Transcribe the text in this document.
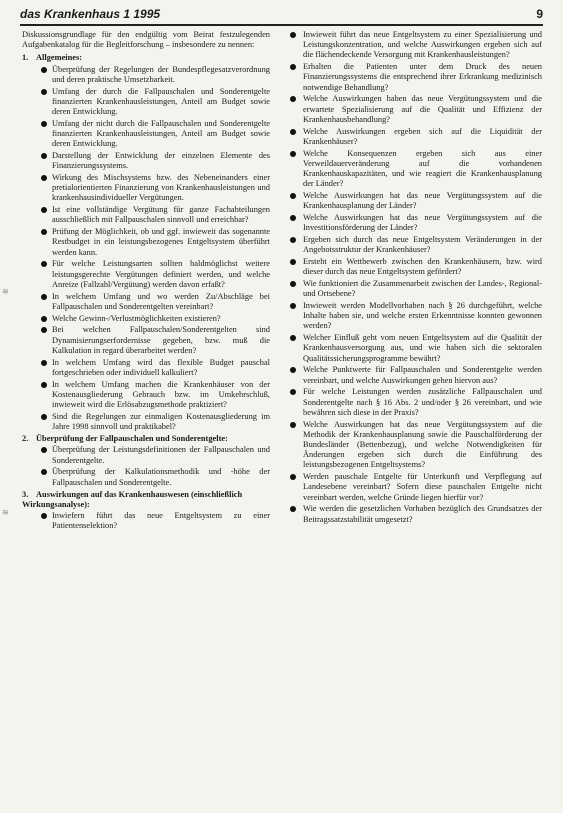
das Krankenhaus 1 1995	9
≋
≋

Diskussionsgrundlage für den endgültig vom Beirat festzulegenden Aufgabenkatalog für die Begleitforschung – insbesondere zu nennen:

1. Allgemeines:
Überprüfung der Regelungen der Bundespflegesatzverordnung und deren praktische Umsetzbarkeit.
Umfang der durch die Fallpauschalen und Sonderentgelte finanzierten Krankenhausleistungen, Anteil am Budget sowie deren Entwicklung.
Umfang der nicht durch die Fallpauschalen und Sonderentgelte finanzierten Krankenhausleistungen, Anteil am Budget sowie deren Entwicklung.
Darstellung der Entwicklung der einzelnen Elemente des Finanzierungssystems.
Wirkung des Mischsystems bzw. des Nebeneinanders einer pretialorientierten Finanzierung von Krankenhausleistungen und krankenhausindividueller Vergütungen.
Ist eine vollständige Vergütung für ganze Fachabteilungen ausschließlich mit Fallpauschalen sinnvoll und erreichbar?
Prüfung der Möglichkeit, ob und ggf. inwieweit das sogenannte Restbudget in ein leistungsbezogenes Entgeltsystem überführt werden kann.
Für welche Leistungsarten sollten baldmöglichst weitere leistungsgerechte Vergütungen definiert werden, und welche Anreize (Fallzahl/Vergütung) werden davon erfaßt?
In welchem Umfang und wo werden Zu/Abschläge bei Fallpauschalen und Sonderentgelten vereinbart?
Welche Gewinn-/Verlustmöglichkeiten existieren?
Bei welchen Fallpauschalen/Sonderentgelten sind Dynamisierungserfordernisse gegeben, bzw. muß die Kalkulation in regard überarbeitet werden?
In welchem Umfang wird das flexible Budget pauschal fortgeschrieben oder individuell kalkuliert?
In welchem Umfang machen die Krankenhäuser von der Kostenausgliederung Gebrauch bzw. im Umkehrschluß, inwieweit wird die Erlösabzugsmethode praktiziert?
Sind die Regelungen zur einmaligen Kostenausgliederung im Jahre 1998 sinnvoll und praktikabel?
2. Überprüfung der Fallpauschalen und Sonderentgelte:
Überprüfung der Leistungsdefinitionen der Fallpauschalen und Sonderentgelte.
Überprüfung der Kalkulationsmethodik und -höhe der Fallpauschalen und Sonderentgelte.
3. Auswirkungen auf das Krankenhauswesen (einschließlich Wirkungsanalyse):
Inwiefern führt das neue Entgeltsystem zu einer Patientenselektion?
Inwieweit führt das neue Entgeltsystem zu einer Spezialisierung und Leistungskonzentration, und welche Auswirkungen ergeben sich auf die flächendeckende Versorgung mit Krankenhausleistungen?
Erhalten die Patienten unter dem Druck des neuen Finanzierungssystems die entsprechend ihrer Erkrankung medizinisch notwendige Behandlung?
Welche Auswirkungen haben das neue Vergütungssystem und die erwartete Spezialisierung auf die Qualität und Effizienz der Krankenhausbehandlung?
Welche Auswirkungen ergeben sich auf die Liquidität der Krankenhäuser?
Welche Konsequenzen ergeben sich aus einer Verweildauerveränderung auf die vorhandenen Krankenhauskapazitäten, und wie reagiert die Krankenhausplanung der Länder?
Welche Auswirkungen hat das neue Vergütungssystem auf die Krankenhausplanung der Länder?
Welche Auswirkungen hat das neue Vergütungssystem auf die Investitionsförderung der Länder?
Ergeben sich durch das neue Entgeltsystem Veränderungen in der Angebotsstruktur der Krankenhäuser?
Ersteht ein Wettbewerb zwischen den Krankenhäusern, bzw. wird dieser durch das neue Entgeltsystem gefördert?
Wie funktioniert die Zusammenarbeit zwischen der Landes-, Regional- und Ortsebene?
Inwieweit werden Modellvorhaben nach § 26 durchgeführt, welche Inhalte haben sie, und welche ersten Erkenntnisse konnten gewonnen werden?
Welcher Einfluß geht vom neuen Entgeltsystem auf die Qualität der Krankenhausversorgung aus, und wie haben sich die sektoralen Qualitätssicherungsprogramme bewährt?
Welche Punktwerte für Fallpauschalen und Sonderentgelte werden vereinbart, und welche Auswirkungen gehen hiervon aus?
Für welche Leistungen werden zusätzliche Fallpauschalen und Sonderentgelte nach § 16 Abs. 2 und/oder § 26 vereinbart, und wie bewähren sich diese in der Praxis?
Welche Auswirkungen hat das neue Vergütungssystem auf die Methodik der Krankenhausplanung sowie die Pauschalförderung der Bundesländer (Bettenbezug), und welche Notwendigkeiten für Änderungen ergeben sich durch die Einführung des leistungsbezogenen Entgeltsystems?
Werden pauschale Entgelte für Unterkunft und Verpflegung auf Landesebene vereinbart? Sofern diese pauschalen Entgelte nicht vereinbart werden, welche Gründe liegen hierfür vor?
Wie werden die gesetzlichen Vorhaben bezüglich des Grundsatzes der Beitragssatzstabilität umgesetzt?
